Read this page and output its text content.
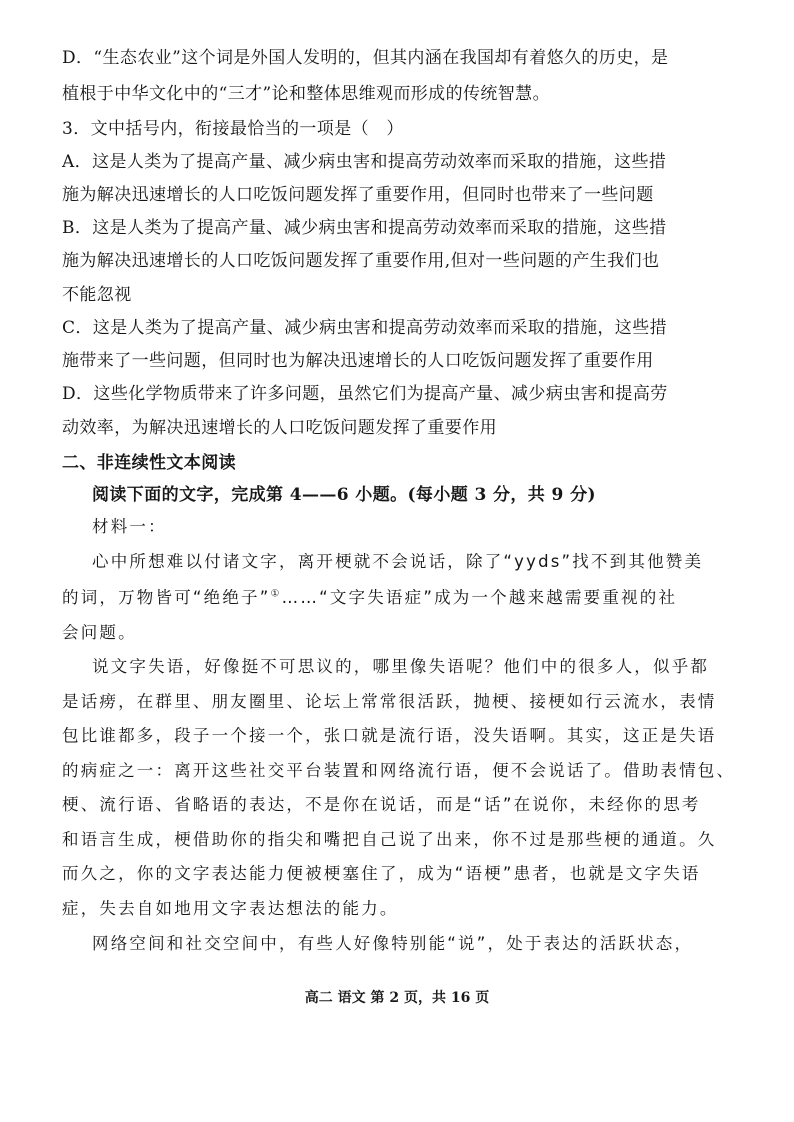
D．“生态农业”这个词是外国人发明的，但其内涵在我国却有着悠久的历史，是
植根于中华文化中的“三才”论和整体思维观而形成的传统智慧。
3．文中括号内，衔接最恰当的一项是（　）
A．这是人类为了提高产量、减少病虫害和提高劳动效率而采取的措施，这些措
施为解决迅速增长的人口吃饭问题发挥了重要作用，但同时也带来了一些问题
B．这是人类为了提高产量、减少病虫害和提高劳动效率而采取的措施，这些措
施为解决迅速增长的人口吃饭问题发挥了重要作用,但对一些问题的产生我们也
不能忽视
C．这是人类为了提高产量、减少病虫害和提高劳动效率而采取的措施，这些措
施带来了一些问题，但同时也为解决迅速增长的人口吃饭问题发挥了重要作用
D．这些化学物质带来了许多问题，虽然它们为提高产量、减少病虫害和提高劳
动效率，为解决迅速增长的人口吃饭问题发挥了重要作用
二、非连续性文本阅读
阅读下面的文字，完成第 4——6 小题。(每小题 3 分，共 9 分)
材料一：
心中所想难以付诸文字，离开梗就不会说话，除了“yyds”找不到其他赞美
的词，万物皆可“绝绝子”①……“文字失语症”成为一个越来越需要重视的社
会问题。
说文字失语，好像挺不可思议的，哪里像失语呢？他们中的很多人，似乎都
是话痨，在群里、朋友圈里、论坛上常常很活跃，抛梗、接梗如行云流水，表情
包比谁都多，段子一个接一个，张口就是流行语，没失语啊。其实，这正是失语
的病症之一：离开这些社交平台装置和网络流行语，便不会说话了。借助表情包、
梗、流行语、省略语的表达，不是你在说话，而是“话”在说你，未经你的思考
和语言生成，梗借助你的指尖和嘴把自己说了出来，你不过是那些梗的通道。久
而久之，你的文字表达能力便被梗塞住了，成为“语梗”患者，也就是文字失语
症，失去自如地用文字表达想法的能力。
网络空间和社交空间中，有些人好像特别能“说”，处于表达的活跃状态，
高二 语文 第 2 页，共 16 页
